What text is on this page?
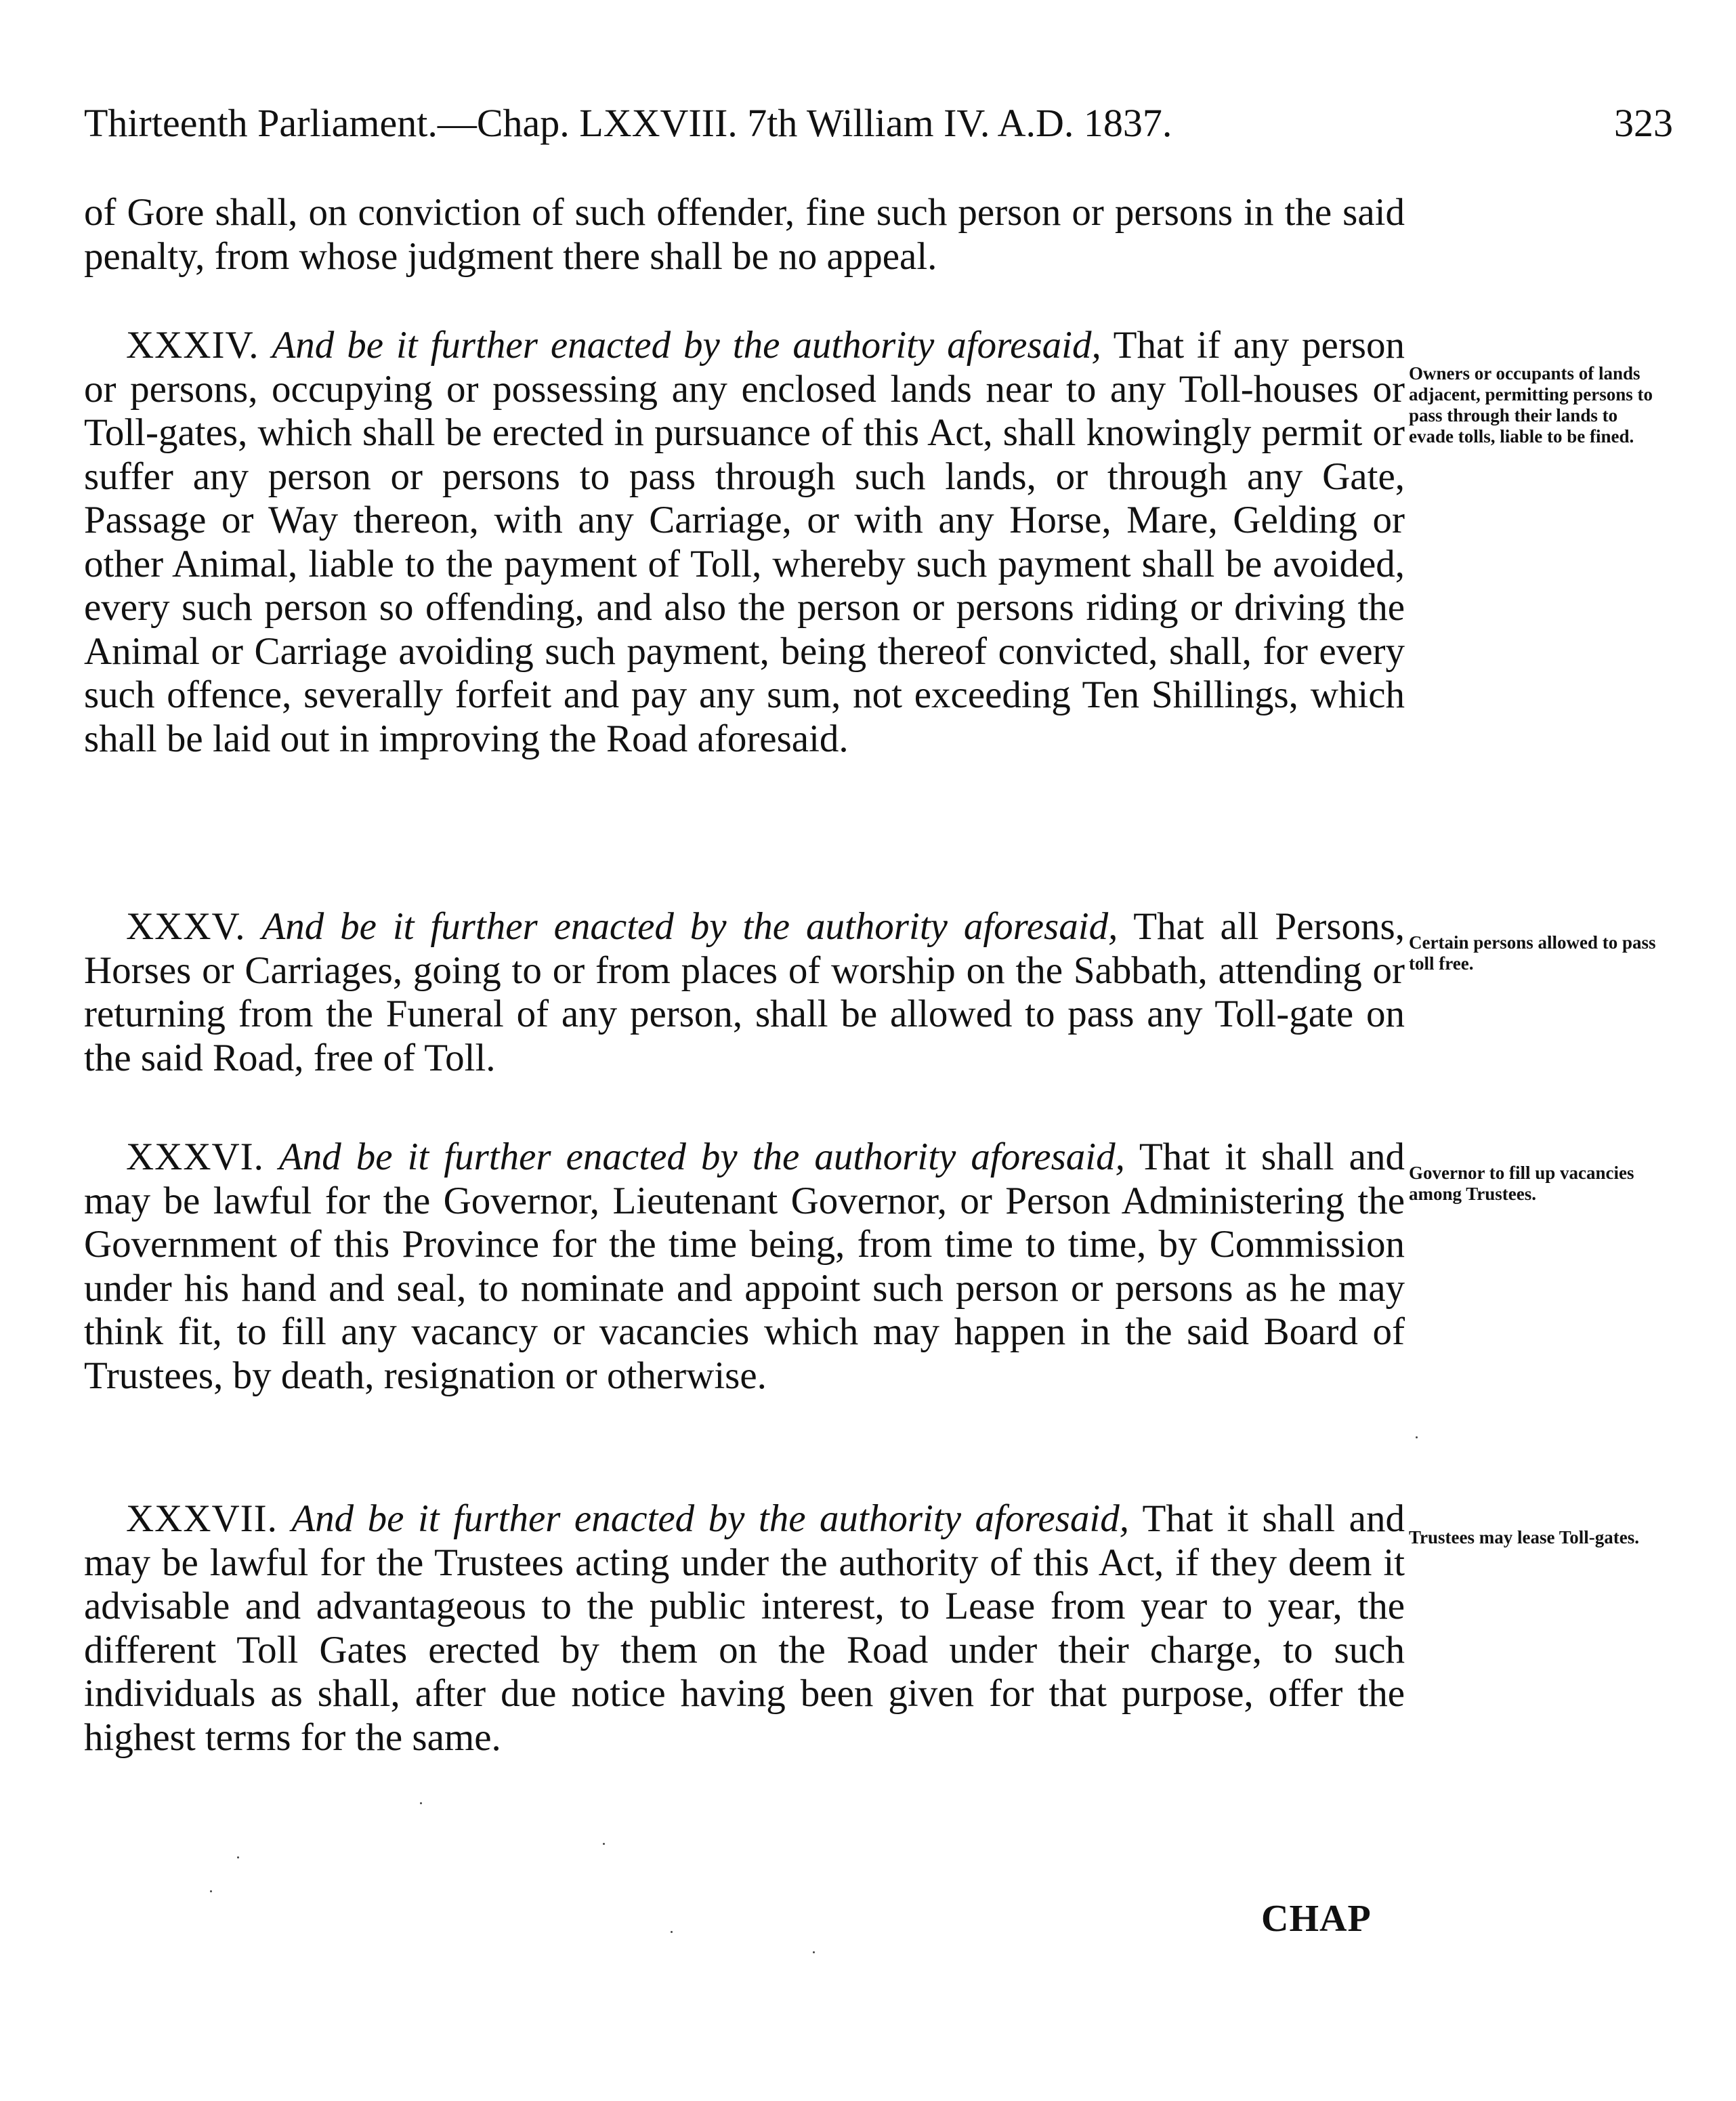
Thirteenth Parliament.—Chap. LXXVIII. 7th William IV. A.D. 1837.	323
of Gore shall, on conviction of such offender, fine such person or persons in the said penalty, from whose judgment there shall be no appeal.
XXXIV. And be it further enacted by the authority aforesaid, That if any person or persons, occupying or possessing any enclosed lands near to any Toll-houses or Toll-gates, which shall be erected in pursuance of this Act, shall knowingly permit or suffer any person or persons to pass through such lands, or through any Gate, Passage or Way thereon, with any Carriage, or with any Horse, Mare, Gelding or other Animal, liable to the payment of Toll, whereby such payment shall be avoided, every such person so offending, and also the person or persons riding or driving the Animal or Carriage avoiding such payment, being thereof convicted, shall, for every such offence, severally forfeit and pay any sum, not exceeding Ten Shillings, which shall be laid out in improving the Road aforesaid.
Owners or occupants of lands adjacent, permitting persons to pass through their lands to evade tolls, liable to be fined.
XXXV. And be it further enacted by the authority aforesaid, That all Persons, Horses or Carriages, going to or from places of worship on the Sabbath, attending or returning from the Funeral of any person, shall be allowed to pass any Toll-gate on the said Road, free of Toll.
Certain persons allowed to pass toll free.
XXXVI. And be it further enacted by the authority aforesaid, That it shall and may be lawful for the Governor, Lieutenant Governor, or Person Administering the Government of this Province for the time being, from time to time, by Commission under his hand and seal, to nominate and appoint such person or persons as he may think fit, to fill any vacancy or vacancies which may happen in the said Board of Trustees, by death, resignation or otherwise.
Governor to fill up vacancies among Trustees.
XXXVII. And be it further enacted by the authority aforesaid, That it shall and may be lawful for the Trustees acting under the authority of this Act, if they deem it advisable and advantageous to the public interest, to Lease from year to year, the different Toll Gates erected by them on the Road under their charge, to such individuals as shall, after due notice having been given for that purpose, offer the highest terms for the same.
Trustees may lease Toll-gates.
CHAP
